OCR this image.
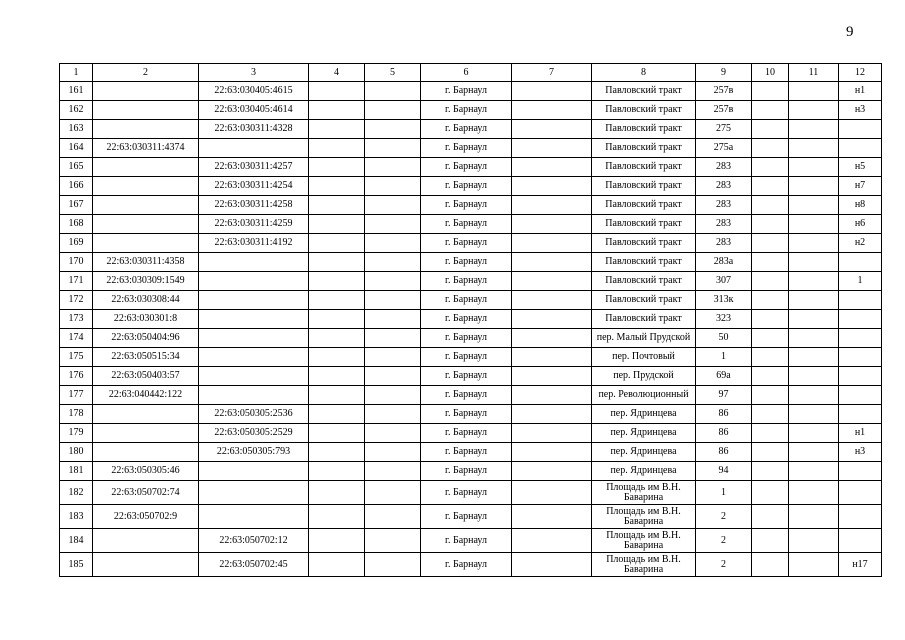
9
1	2	3	4	5	6	7	8	9	10	11	12
161		22:63:030405:4615			г. Барнаул		Павловский тракт	257в			н1
162		22:63:030405:4614			г. Барнаул		Павловский тракт	257в			н3
163		22:63:030311:4328			г. Барнаул		Павловский тракт	275			
164	22:63:030311:4374				г. Барнаул		Павловский тракт	275а			
165		22:63:030311:4257			г. Барнаул		Павловский тракт	283			н5
166		22:63:030311:4254			г. Барнаул		Павловский тракт	283			н7
167		22:63:030311:4258			г. Барнаул		Павловский тракт	283			н8
168		22:63:030311:4259			г. Барнаул		Павловский тракт	283			н6
169		22:63:030311:4192			г. Барнаул		Павловский тракт	283			н2
170	22:63:030311:4358				г. Барнаул		Павловский тракт	283а			
171	22:63:030309:1549				г. Барнаул		Павловский тракт	307			1
172	22:63:030308:44				г. Барнаул		Павловский тракт	313к			
173	22:63:030301:8				г. Барнаул		Павловский тракт	323			
174	22:63:050404:96				г. Барнаул		пер. Малый Прудской	50			
175	22:63:050515:34				г. Барнаул		пер. Почтовый	1			
176	22:63:050403:57				г. Барнаул		пер. Прудской	69а			
177	22:63:040442:122				г. Барнаул		пер. Революционный	97			
178		22:63:050305:2536			г. Барнаул		пер. Ядринцева	86			
179		22:63:050305:2529			г. Барнаул		пер. Ядринцева	86			н1
180		22:63:050305:793			г. Барнаул		пер. Ядринцева	86			н3
181	22:63:050305:46				г. Барнаул		пер. Ядринцева	94			
182	22:63:050702:74				г. Барнаул		Площадь им В.Н. Баварина	1			
183	22:63:050702:9				г. Барнаул		Площадь им В.Н. Баварина	2			
184		22:63:050702:12			г. Барнаул		Площадь им В.Н. Баварина	2			
185		22:63:050702:45			г. Барнаул		Площадь им В.Н. Баварина	2			н17
